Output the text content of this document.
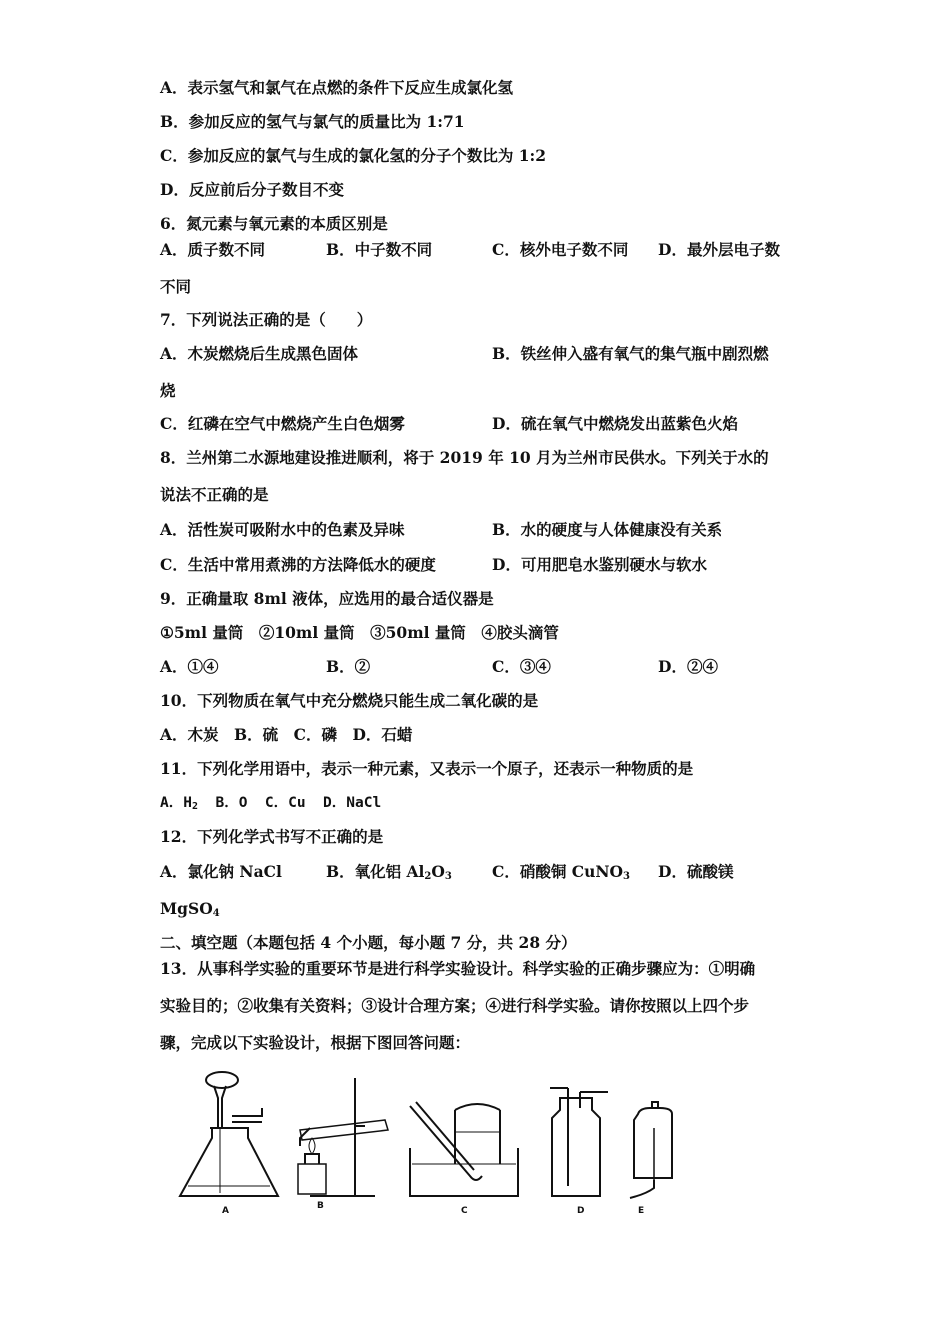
A．表示氢气和氯气在点燃的条件下反应生成氯化氢
B．参加反应的氢气与氯气的质量比为 1:71
C．参加反应的氯气与生成的氯化氢的分子个数比为 1:2
D．反应前后分子数目不变
6．氮元素与氧元素的本质区别是
A．质子数不同	B．中子数不同	C．核外电子数不同 D．最外层电子数
不同
7．下列说法正确的是（　　）
A．木炭燃烧后生成黑色固体	B．铁丝伸入盛有氧气的集气瓶中剧烈燃
烧
C．红磷在空气中燃烧产生白色烟雾	D．硫在氧气中燃烧发出蓝紫色火焰
8．兰州第二水源地建设推进顺利，将于 2019 年 10 月为兰州市民供水。下列关于水的
说法不正确的是
A．活性炭可吸附水中的色素及异味	B．水的硬度与人体健康没有关系
C．生活中常用煮沸的方法降低水的硬度	D．可用肥皂水鉴别硬水与软水
9．正确量取 8ml 液体，应选用的最合适仪器是
①5ml 量筒　②10ml 量筒　③50ml 量筒　④胶头滴管
A．①④	B．②	C．③④	D．②④
10．下列物质在氧气中充分燃烧只能生成二氧化碳的是
A．木炭　B．硫　C．磷　D．石蜡
11．下列化学用语中，表示一种元素，又表示一个原子，还表示一种物质的是
A．$H_2$  B．O  C．Cu  D．NaCl
12．下列化学式书写不正确的是
A．氯化钠 NaCl	B．氧化铝 $Al_2O_3$	C．硝酸铜 CuNO$_3$ D．硫酸镁
MgSO$_4$
二、填空题（本题包括 4 个小题，每小题 7 分，共 28 分）
13．从事科学实验的重要环节是进行科学实验设计。科学实验的正确步骤应为：①明确
实验目的；②收集有关资料；③设计合理方案；④进行科学实验。请你按照以上四个步
骤，完成以下实验设计，根据下图回答问题：
A	B	C	D	E
